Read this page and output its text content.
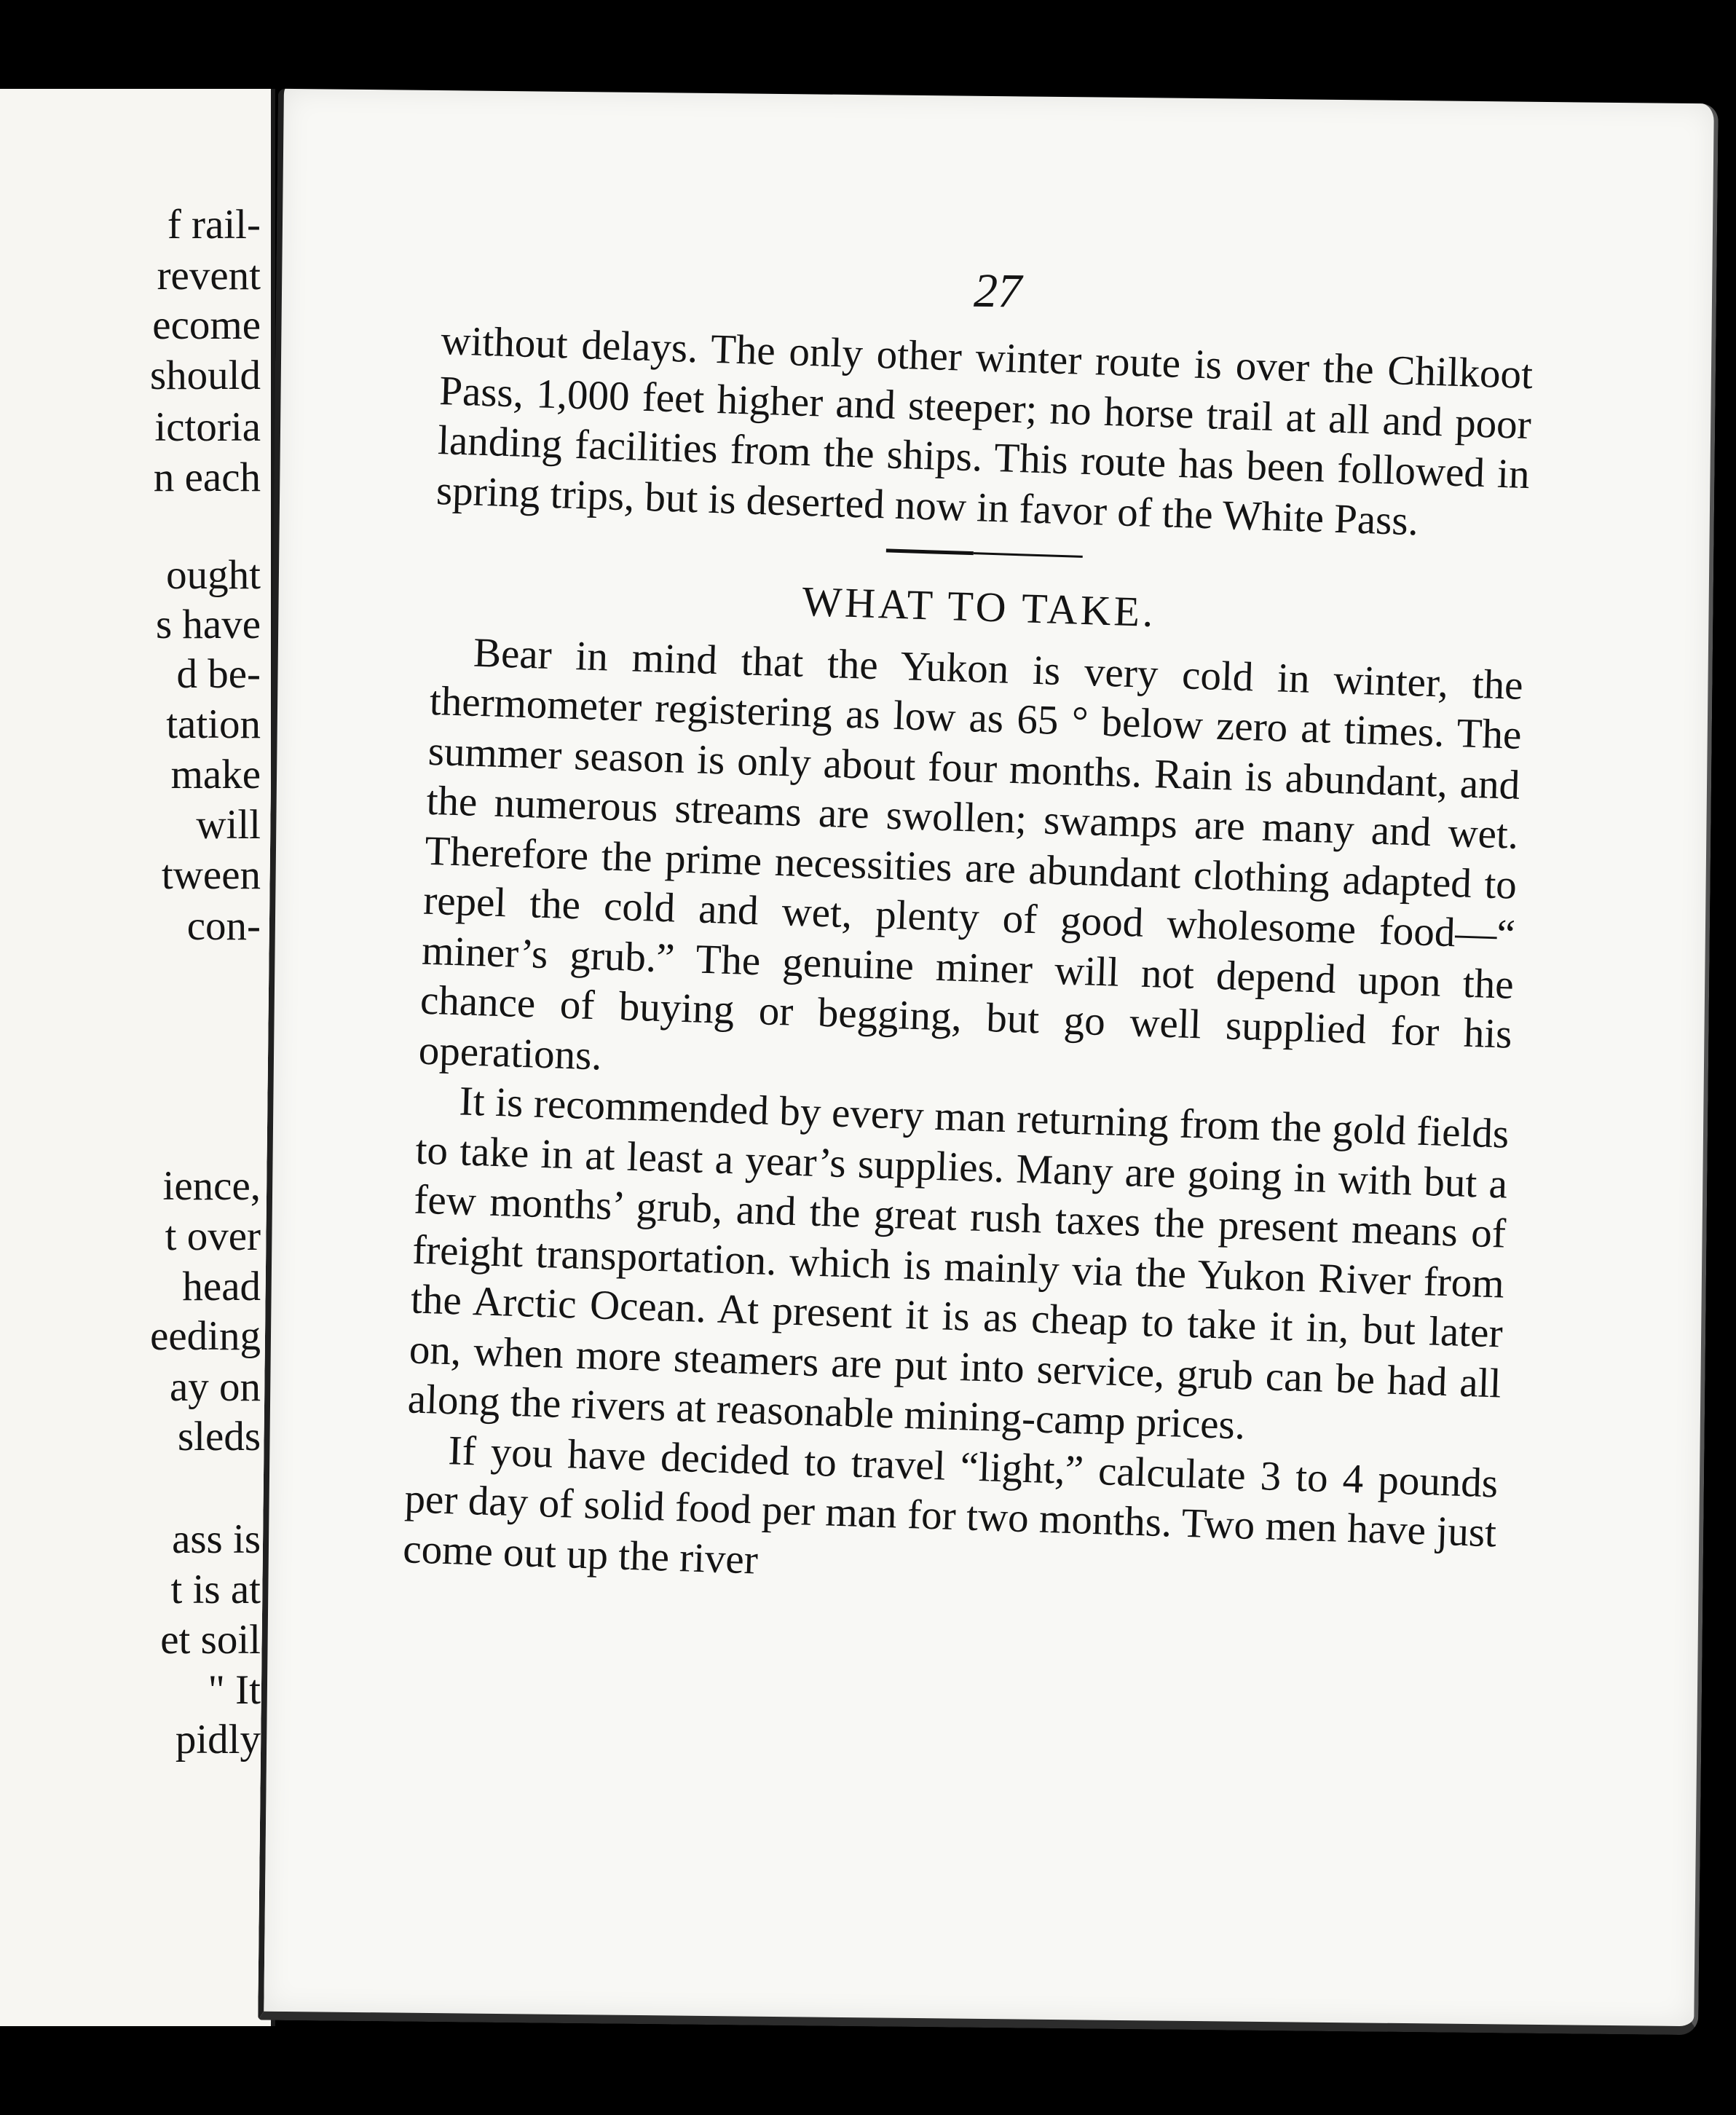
f rail-
revent
ecome
should
ictoria
n each
ought
s have
d be-
tation
make
will
tween
con-
ience,
t over
head
eeding
ay on
sleds
ass is
t is at
et soil
" It
pidly
27

without delays. The only other winter route is over the Chilkoot Pass, 1,000 feet higher and steeper; no horse trail at all and poor landing facilities from the ships. This route has been followed in spring trips, but is deserted now in favor of the White Pass.

WHAT TO TAKE.

Bear in mind that the Yukon is very cold in winter, the thermometer registering as low as 65 ° below zero at times. The summer season is only about four months. Rain is abundant, and the numerous streams are swollen; swamps are many and wet. Therefore the prime necessities are abundant clothing adapted to repel the cold and wet, plenty of good wholesome food—“ miner’s grub.” The genuine miner will not depend upon the chance of buying or begging, but go well supplied for his operations.

It is recommended by every man returning from the gold fields to take in at least a year’s supplies. Many are going in with but a few months’ grub, and the great rush taxes the present means of freight transportation. which is mainly via the Yukon River from the Arctic Ocean. At present it is as cheap to take it in, but later on, when more steamers are put into service, grub can be had all along the rivers at reasonable mining-camp prices.

If you have decided to travel “light,” calculate 3 to 4 pounds per day of solid food per man for two months. Two men have just come out up the river
